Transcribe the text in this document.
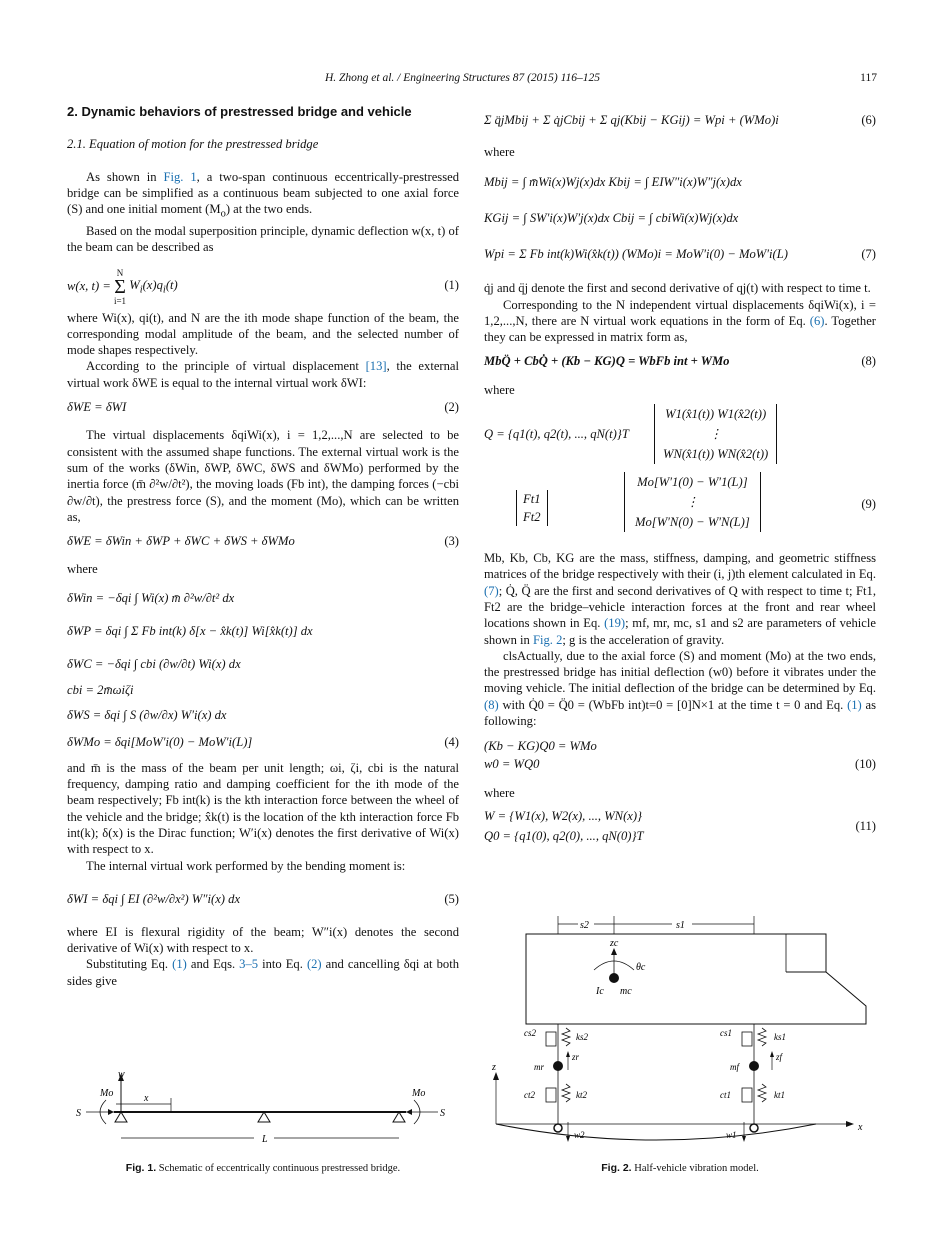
H. Zhong et al. / Engineering Structures 87 (2015) 116–125	117
2. Dynamic behaviors of prestressed bridge and vehicle
2.1. Equation of motion for the prestressed bridge

As shown in Fig. 1, a two-span continuous eccentrically-prestressed bridge can be simplified as a continuous beam subjected to one axial force (S) and one initial moment $(M_o)$ at the two ends.

Based on the modal superposition principle, dynamic deflection w(x, t) of the beam can be described as

w(x, t) =
N
Σ
i=1
$W_i(x)q_i(t)$	(1)

where Wi(x), qi(t), and N are the ith mode shape function of the beam, the corresponding modal amplitude of the beam, and the selected number of mode shapes respectively.

According to the principle of virtual displacement [13], the external virtual work δWE is equal to the internal virtual work δWI:

δWE = δWI	(2)

The virtual displacements δqiWi(x), i = 1,2,...,N are selected to be consistent with the assumed shape functions. The external virtual work is the sum of the works (δWin, δWP, δWC, δWS and δWMo) performed by the inertia force (m̄ ∂²w/∂t²), the moving loads (Fb int), the damping forces (−cbi ∂w/∂t), the prestress force (S), and the moment (Mo), which can be written as,

δWE = δWin + δWP + δWC + δWS + δWMo	(3)
where
δWin = −δqi ∫ Wi(x) m̄ ∂²w/∂t² dx
δWP = δqi ∫ Σ Fb int(k) δ[x − x̂k(t)] Wi[x̂k(t)] dx
δWC = −δqi ∫ cbi (∂w/∂t) Wi(x) dx
cbi = 2m̄ωiζi
δWS = δqi ∫ S (∂w/∂x) W′i(x) dx
δWMo = δqi[MoW′i(0) − MoW′i(L)]	(4)

and m̄ is the mass of the beam per unit length; ωi, ζi, cbi is the natural frequency, damping ratio and damping coefficient for the ith mode of the beam respectively; Fb int(k) is the kth interaction force between the wheel of the vehicle and the bridge; x̂k(t) is the location of the kth interaction force Fb int(k); δ(x) is the Dirac function; W′i(x) denotes the first derivative of Wi(x) with respect to x.

The internal virtual work performed by the bending moment is:

δWI = δqi ∫ EI (∂²w/∂x²) W″i(x) dx	(5)

where EI is flexural rigidity of the beam; W″i(x) denotes the second derivative of Wi(x) with respect to x.

Substituting Eq. (1) and Eqs. 3–5 into Eq. (2) and cancelling δqi at both sides give

w
x
S	S
Mo	Mo
L
Fig. 1. Schematic of eccentrically continuous prestressed bridge.
Σ q̈jMbij + Σ q̇jCbij + Σ qj(Kbij − KGij) = Wpi + (WMo)i	(6)
where
Mbij = ∫ m̄Wi(x)Wj(x)dx Kbij = ∫ EIW″i(x)W″j(x)dx
KGij = ∫ SW′i(x)W′j(x)dx Cbij = ∫ cbiWi(x)Wj(x)dx
Wpi = Σ Fb int(k)Wi(x̂k(t)) (WMo)i = MoW′i(0) − MoW′i(L)	(7)

q̇j and q̈j denote the first and second derivative of qj(t) with respect to time t.

Corresponding to the N independent virtual displacements δqiWi(x), i = 1,2,...,N, there are N virtual work equations in the form of Eq. (6). Together they can be expressed in matrix form as,

MbQ̈ + CbQ̇ + (Kb − KG)Q = WbFb int + WMo	(8)
where
Q = {q1(t), q2(t), ..., qN(t)}T
W1(x̂1(t)) W1(x̂2(t))
⋮
WN(x̂1(t)) WN(x̂2(t))
Ft1
Ft2
Mo[W′1(0) − W′1(L)]
⋮
Mo[W′N(0) − W′N(L)]
(9)

Mb, Kb, Cb, KG are the mass, stiffness, damping, and geometric stiffness matrices of the bridge respectively with their (i, j)th element calculated in Eq. (7); Q̇, Q̈ are the first and second derivatives of Q with respect to time t; Ft1, Ft2 are the bridge–vehicle interaction forces at the front and rear wheel locations shown in Eq. (19); mf, mr, mc, s1 and s2 are parameters of vehicle shown in Fig. 2; g is the acceleration of gravity.

clsActually, due to the axial force (S) and moment (Mo) at the two ends, the prestressed bridge has initial deflection (w0) before it vibrates under the moving vehicle. The initial deflection of the bridge can be determined by Eq. (8) with Q̇0 = Q̈0 = (WbFb int)t=0 = [0]N×1 at the time t = 0 and Eq. (1) as following:

(Kb − KG)Q0 = WMo
w0 = WQ0	(10)
where
W = {W1(x), W2(x), ..., WN(x)}
Q0 = {q1(0), q2(0), ..., qN(0)}T
(11)
s2	s1
zc
θc
Ic mc
cs2	ks2
zr
mr
ct2	kt2
w2
cs1	ks1
zf
mf
ct1	kt1
w1
x
z
Fig. 2. Half-vehicle vibration model.
